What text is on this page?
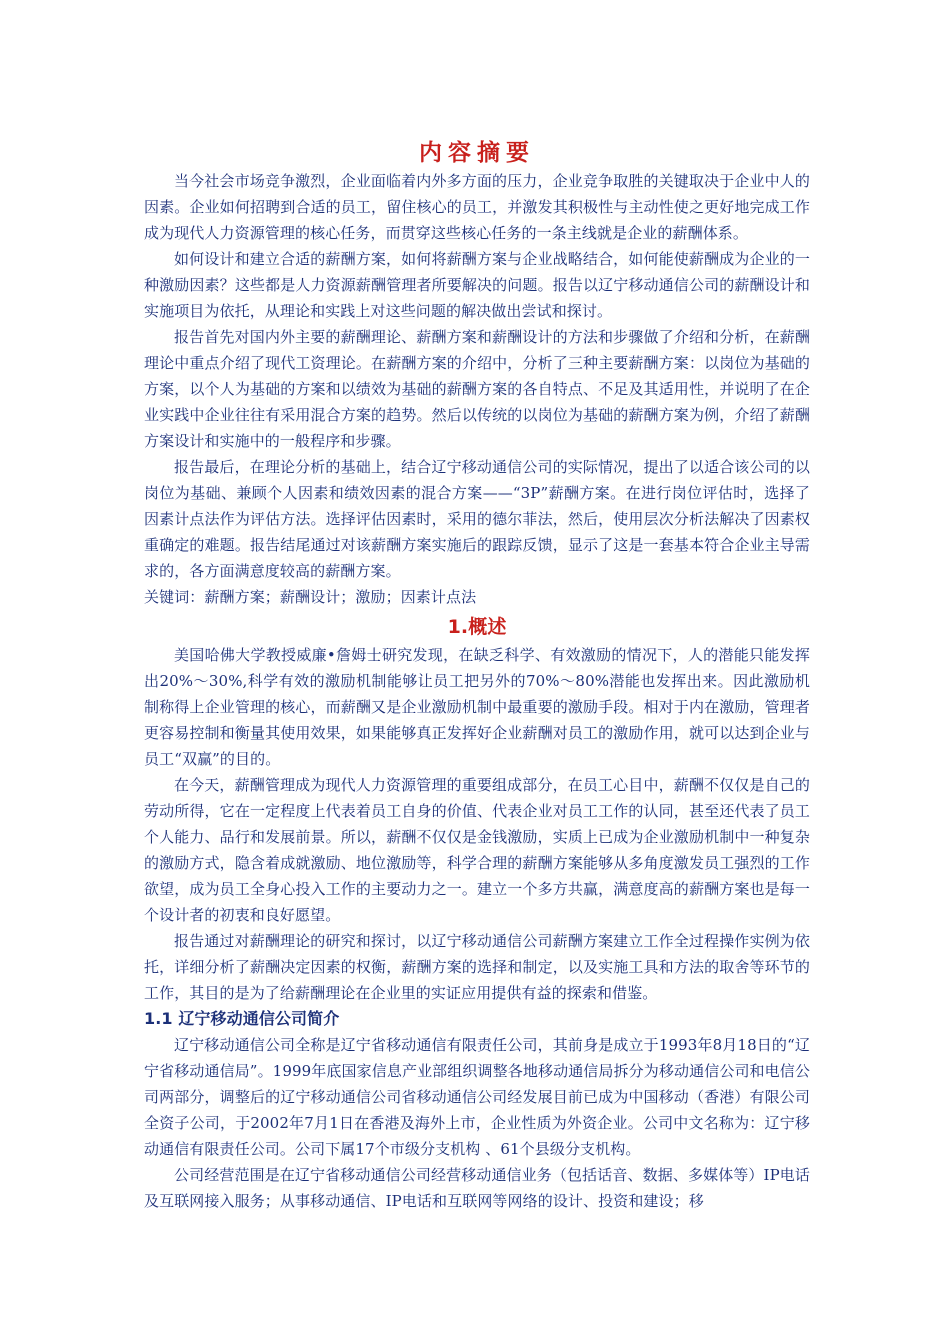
内容摘要

当今社会市场竞争激烈，企业面临着内外多方面的压力，企业竞争取胜的关键取决于企业中人的因素。企业如何招聘到合适的员工，留住核心的员工，并激发其积极性与主动性使之更好地完成工作成为现代人力资源管理的核心任务，而贯穿这些核心任务的一条主线就是企业的薪酬体系。

如何设计和建立合适的薪酬方案，如何将薪酬方案与企业战略结合，如何能使薪酬成为企业的一种激励因素？这些都是人力资源薪酬管理者所要解决的问题。报告以辽宁移动通信公司的薪酬设计和实施项目为依托，从理论和实践上对这些问题的解决做出尝试和探讨。

报告首先对国内外主要的薪酬理论、薪酬方案和薪酬设计的方法和步骤做了介绍和分析，在薪酬理论中重点介绍了现代工资理论。在薪酬方案的介绍中，分析了三种主要薪酬方案：以岗位为基础的方案，以个人为基础的方案和以绩效为基础的薪酬方案的各自特点、不足及其适用性，并说明了在企业实践中企业往往有采用混合方案的趋势。然后以传统的以岗位为基础的薪酬方案为例，介绍了薪酬方案设计和实施中的一般程序和步骤。

报告最后，在理论分析的基础上，结合辽宁移动通信公司的实际情况，提出了以适合该公司的以岗位为基础、兼顾个人因素和绩效因素的混合方案——“3P”薪酬方案。在进行岗位评估时，选择了因素计点法作为评估方法。选择评估因素时，采用的德尔菲法，然后，使用层次分析法解决了因素权重确定的难题。报告结尾通过对该薪酬方案实施后的跟踪反馈，显示了这是一套基本符合企业主导需求的，各方面满意度较高的薪酬方案。

关键词：薪酬方案；薪酬设计；激励；因素计点法

1.概述

美国哈佛大学教授威廉•詹姆士研究发现，在缺乏科学、有效激励的情况下，人的潜能只能发挥出20%～30%,科学有效的激励机制能够让员工把另外的70%～80%潜能也发挥出来。因此激励机制称得上企业管理的核心，而薪酬又是企业激励机制中最重要的激励手段。相对于内在激励，管理者更容易控制和衡量其使用效果，如果能够真正发挥好企业薪酬对员工的激励作用，就可以达到企业与员工“双赢”的目的。

在今天，薪酬管理成为现代人力资源管理的重要组成部分，在员工心目中，薪酬不仅仅是自己的劳动所得，它在一定程度上代表着员工自身的价值、代表企业对员工工作的认同，甚至还代表了员工个人能力、品行和发展前景。所以，薪酬不仅仅是金钱激励，实质上已成为企业激励机制中一种复杂的激励方式，隐含着成就激励、地位激励等，科学合理的薪酬方案能够从多角度激发员工强烈的工作欲望，成为员工全身心投入工作的主要动力之一。建立一个多方共赢，满意度高的薪酬方案也是每一个设计者的初衷和良好愿望。

报告通过对薪酬理论的研究和探讨，以辽宁移动通信公司薪酬方案建立工作全过程操作实例为依托，详细分析了薪酬决定因素的权衡，薪酬方案的选择和制定，以及实施工具和方法的取舍等环节的工作，其目的是为了给薪酬理论在企业里的实证应用提供有益的探索和借鉴。

1.1 辽宁移动通信公司简介

辽宁移动通信公司全称是辽宁省移动通信有限责任公司，其前身是成立于1993年8月18日的“辽宁省移动通信局”。1999年底国家信息产业部组织调整各地移动通信局拆分为移动通信公司和电信公司两部分，调整后的辽宁移动通信公司省移动通信公司经发展目前已成为中国移动（香港）有限公司全资子公司，于2002年7月1日在香港及海外上市，企业性质为外资企业。公司中文名称为：辽宁移动通信有限责任公司。公司下属17个市级分支机构 、61个县级分支机构。

公司经营范围是在辽宁省移动通信公司经营移动通信业务（包括话音、数据、多媒体等）IP电话及互联网接入服务；从事移动通信、IP电话和互联网等网络的设计、投资和建设；移
